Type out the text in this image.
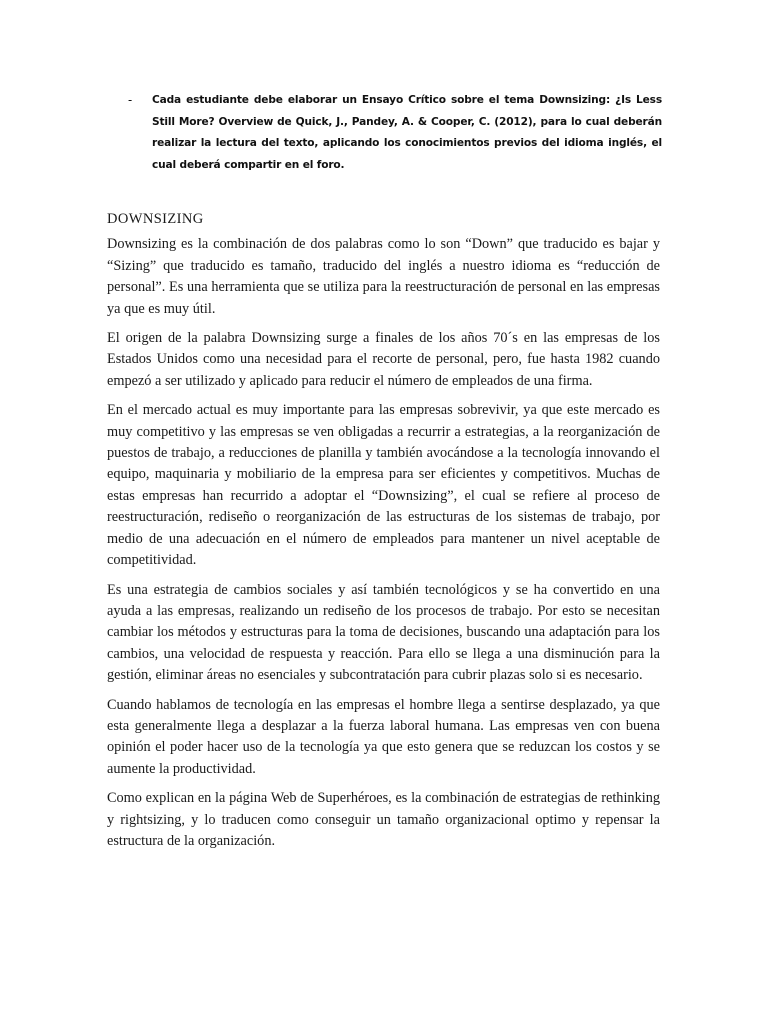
- Cada estudiante debe elaborar un Ensayo Crítico sobre el tema Downsizing: ¿Is Less Still More? Overview de Quick, J., Pandey, A. & Cooper, C. (2012), para lo cual deberán realizar la lectura del texto, aplicando los conocimientos previos del idioma inglés, el cual deberá compartir en el foro.
DOWNSIZING

Downsizing es la combinación de dos palabras como lo son “Down” que traducido es bajar y “Sizing” que traducido es tamaño, traducido del inglés a nuestro idioma es “reducción de personal”. Es una herramienta que se utiliza para la reestructuración de personal en las empresas ya que es muy útil.

El origen de la palabra Downsizing surge a finales de los años 70´s en las empresas de los Estados Unidos como una necesidad para el recorte de personal, pero, fue hasta 1982 cuando empezó a ser utilizado y aplicado para reducir el número de empleados de una firma.

En el mercado actual es muy importante para las empresas sobrevivir, ya que este mercado es muy competitivo y las empresas se ven obligadas a recurrir a estrategias, a la reorganización de puestos de trabajo, a reducciones de planilla y también avocándose a la tecnología innovando el equipo, maquinaria y mobiliario de la empresa para ser eficientes y competitivos. Muchas de estas empresas han recurrido a adoptar el “Downsizing”, el cual se refiere al proceso de reestructuración, rediseño o reorganización de las estructuras de los sistemas de trabajo, por medio de una adecuación en el número de empleados para mantener un nivel aceptable de competitividad.

Es una estrategia de cambios sociales y así también tecnológicos y se ha convertido en una ayuda a las empresas, realizando un rediseño de los procesos de trabajo. Por esto se necesitan cambiar los métodos y estructuras para la toma de decisiones, buscando una adaptación para los cambios, una velocidad de respuesta y reacción. Para ello se llega a una disminución para la gestión, eliminar áreas no esenciales y subcontratación para cubrir plazas solo si es necesario.

Cuando hablamos de tecnología en las empresas el hombre llega a sentirse desplazado, ya que esta generalmente llega a desplazar a la fuerza laboral humana. Las empresas ven con buena opinión el poder hacer uso de la tecnología ya que esto genera que se reduzcan los costos y se aumente la productividad.

Como explican en la página Web de Superhéroes, es la combinación de estrategias de rethinking y rightsizing, y lo traducen como conseguir un tamaño organizacional optimo y repensar la estructura de la organización.
